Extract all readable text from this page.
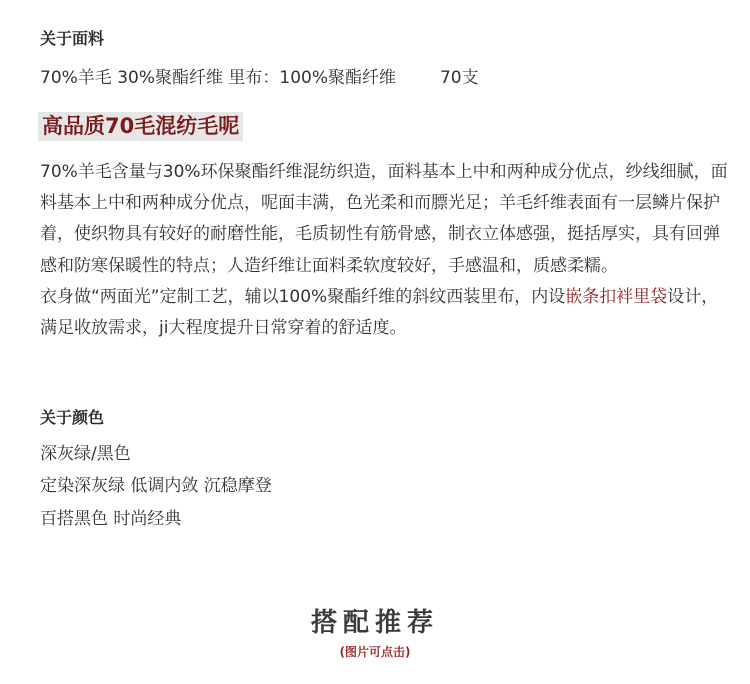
关于面料
70%羊毛 30%聚酯纤维 里布：100%聚酯纤维	70支
高品质70毛混纺毛呢

70%羊毛含量与30%环保聚酯纤维混纺织造，面料基本上中和两种成分优点，纱线细腻，面料基本上中和两种成分优点，呢面丰满，色光柔和而膘光足；羊毛纤维表面有一层鳞片保护着，使织物具有较好的耐磨性能，毛质韧性有筋骨感，制衣立体感强，挺括厚实，具有回弹感和防寒保暖性的特点；人造纤维让面料柔软度较好，手感温和，质感柔糯。

衣身做“两面光”定制工艺，辅以100%聚酯纤维的斜纹西装里布，内设嵌条扣袢里袋设计，满足收放需求，ji大程度提升日常穿着的舒适度。

关于颜色

深灰绿/黑色

定染深灰绿 低调内敛 沉稳摩登

百搭黑色 时尚经典

搭配推荐

(图片可点击)
